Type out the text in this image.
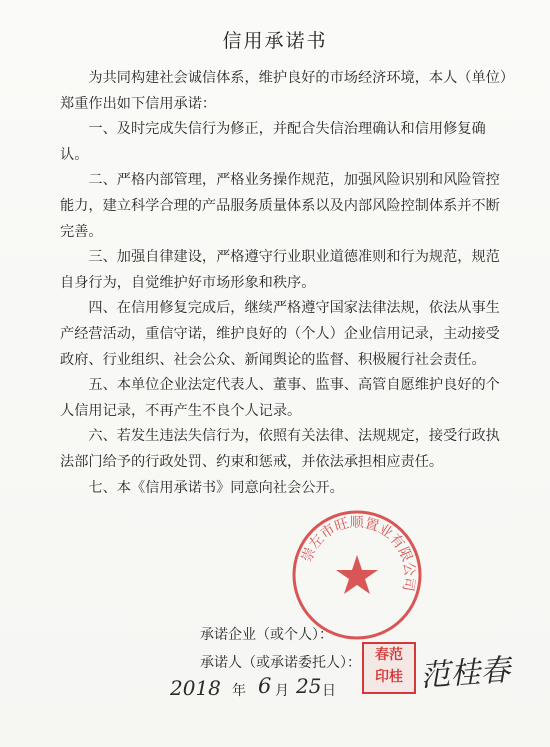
信用承诺书

为共同构建社会诚信体系，维护良好的市场经济环境，本人（单位）郑重作出如下信用承诺：

一、及时完成失信行为修正，并配合失信治理确认和信用修复确认。

二、严格内部管理，严格业务操作规范，加强风险识别和风险管控能力，建立科学合理的产品服务质量体系以及内部风险控制体系并不断完善。

三、加强自律建设，严格遵守行业职业道德准则和行为规范，规范自身行为，自觉维护好市场形象和秩序。

四、在信用修复完成后，继续严格遵守国家法律法规，依法从事生产经营活动，重信守诺，维护良好的（个人）企业信用记录，主动接受政府、行业组织、社会公众、新闻舆论的监督、积极履行社会责任。

五、本单位企业法定代表人、董事、监事、高管自愿维护良好的个人信用记录，不再产生不良个人记录。

六、若发生违法失信行为，依照有关法律、法规规定，接受行政执法部门给予的行政处罚、约束和惩戒，并依法承担相应责任。

七、本《信用承诺书》同意向社会公开。

崇左市旺顺置业有限公司
承诺企业（或个人）：
承诺人（或承诺委托人）：	春范
印桂 范桂春
2018 年 6 月 25 日
